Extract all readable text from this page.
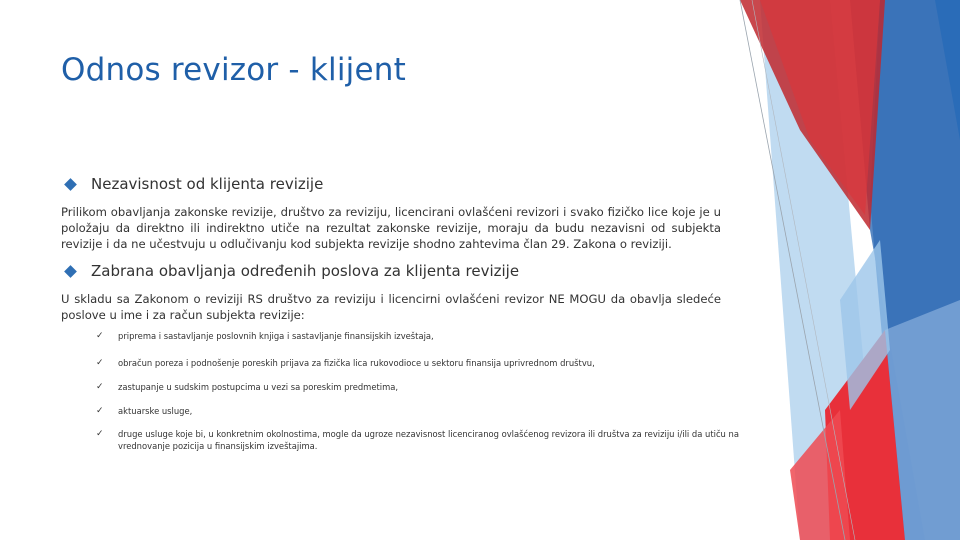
Odnos revizor - klijent
Nezavisnost od klijenta revizije
Prilikom obavljanja zakonske revizije, društvo za reviziju, licencirani ovlašćeni revizori i svako fizičko lice koje je u položaju da direktno ili indirektno utiče na rezultat zakonske revizije, moraju da budu nezavisni od subjekta revizije i da ne učestvuju u odlučivanju kod subjekta revizije shodno zahtevima član 29. Zakona o reviziji.
Zabrana obavljanja određenih poslova za klijenta revizije
U skladu sa Zakonom o reviziji RS društvo za reviziju i licencirni ovlašćeni revizor NE MOGU da obavlja sledeće poslove u ime i za račun subjekta revizije:
✓	priprema i sastavljanje poslovnih knjiga i sastavljanje finansijskih izveštaja,
✓	obračun poreza i podnošenje poreskih prijava za fizička lica rukovodioce u sektoru finansija uprivrednom društvu,
✓	zastupanje u sudskim postupcima u vezi sa poreskim predmetima,
✓	aktuarske usluge,
✓	druge usluge koje bi, u konkretnim okolnostima, mogle da ugroze nezavisnost licenciranog ovlašćenog revizora ili društva za reviziju i/ili da utiču na vrednovanje pozicija u finansijskim izveštajima.
